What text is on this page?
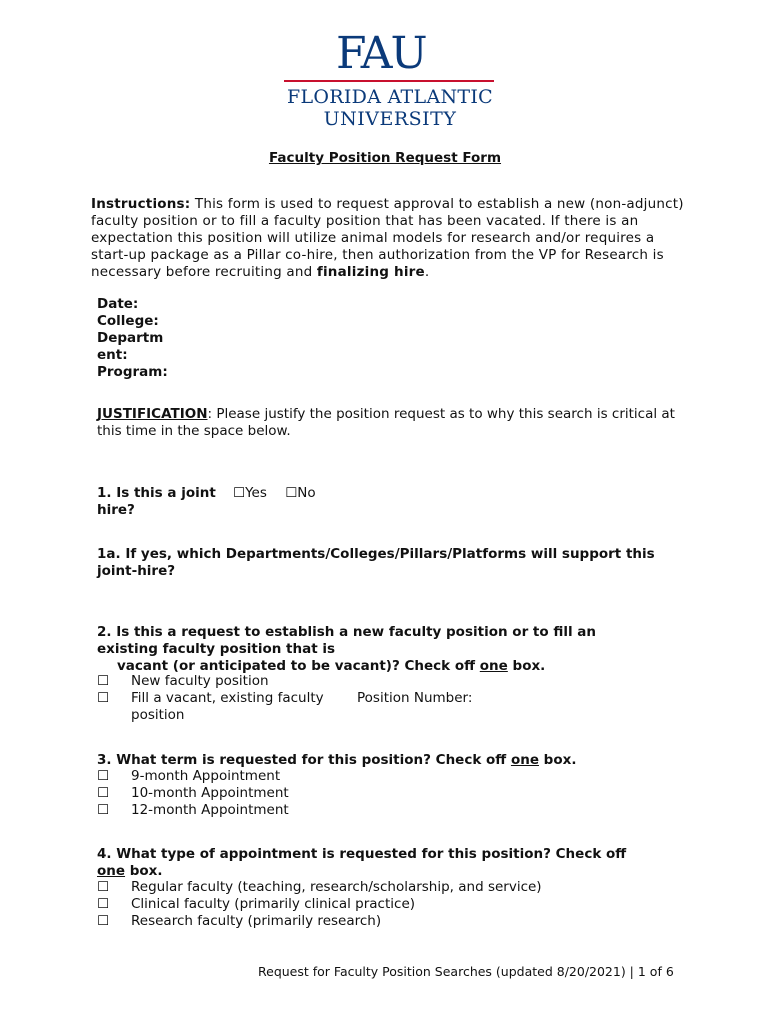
FAU
FLORIDA ATLANTIC
UNIVERSITY
Faculty Position Request Form
Instructions: This form is used to request approval to establish a new (non-adjunct) faculty position or to fill a faculty position that has been vacated. If there is an expectation this position will utilize animal models for research and/or requires a start-up package as a Pillar co-hire, then authorization from the VP for Research is necessary before recruiting and finalizing hire.
Date:
College:
Departm
ent:
Program:
JUSTIFICATION: Please justify the position request as to why this search is critical at this time in the space below.
1. Is this a joint hire?
☐Yes ☐No
1a. If yes, which Departments/Colleges/Pillars/Platforms will support this joint-hire?
2. Is this a request to establish a new faculty position or to fill an existing faculty position that is
vacant (or anticipated to be vacant)? Check off one box.
☐ New faculty position
☐ Fill a vacant, existing faculty position
Position Number:
3. What term is requested for this position? Check off one box.
☐ 9-month Appointment
☐ 10-month Appointment
☐ 12-month Appointment
4. What type of appointment is requested for this position? Check off one box.
☐ Regular faculty (teaching, research/scholarship, and service)
☐ Clinical faculty (primarily clinical practice)
☐ Research faculty (primarily research)
Request for Faculty Position Searches (updated 8/20/2021) | 1 of 6
